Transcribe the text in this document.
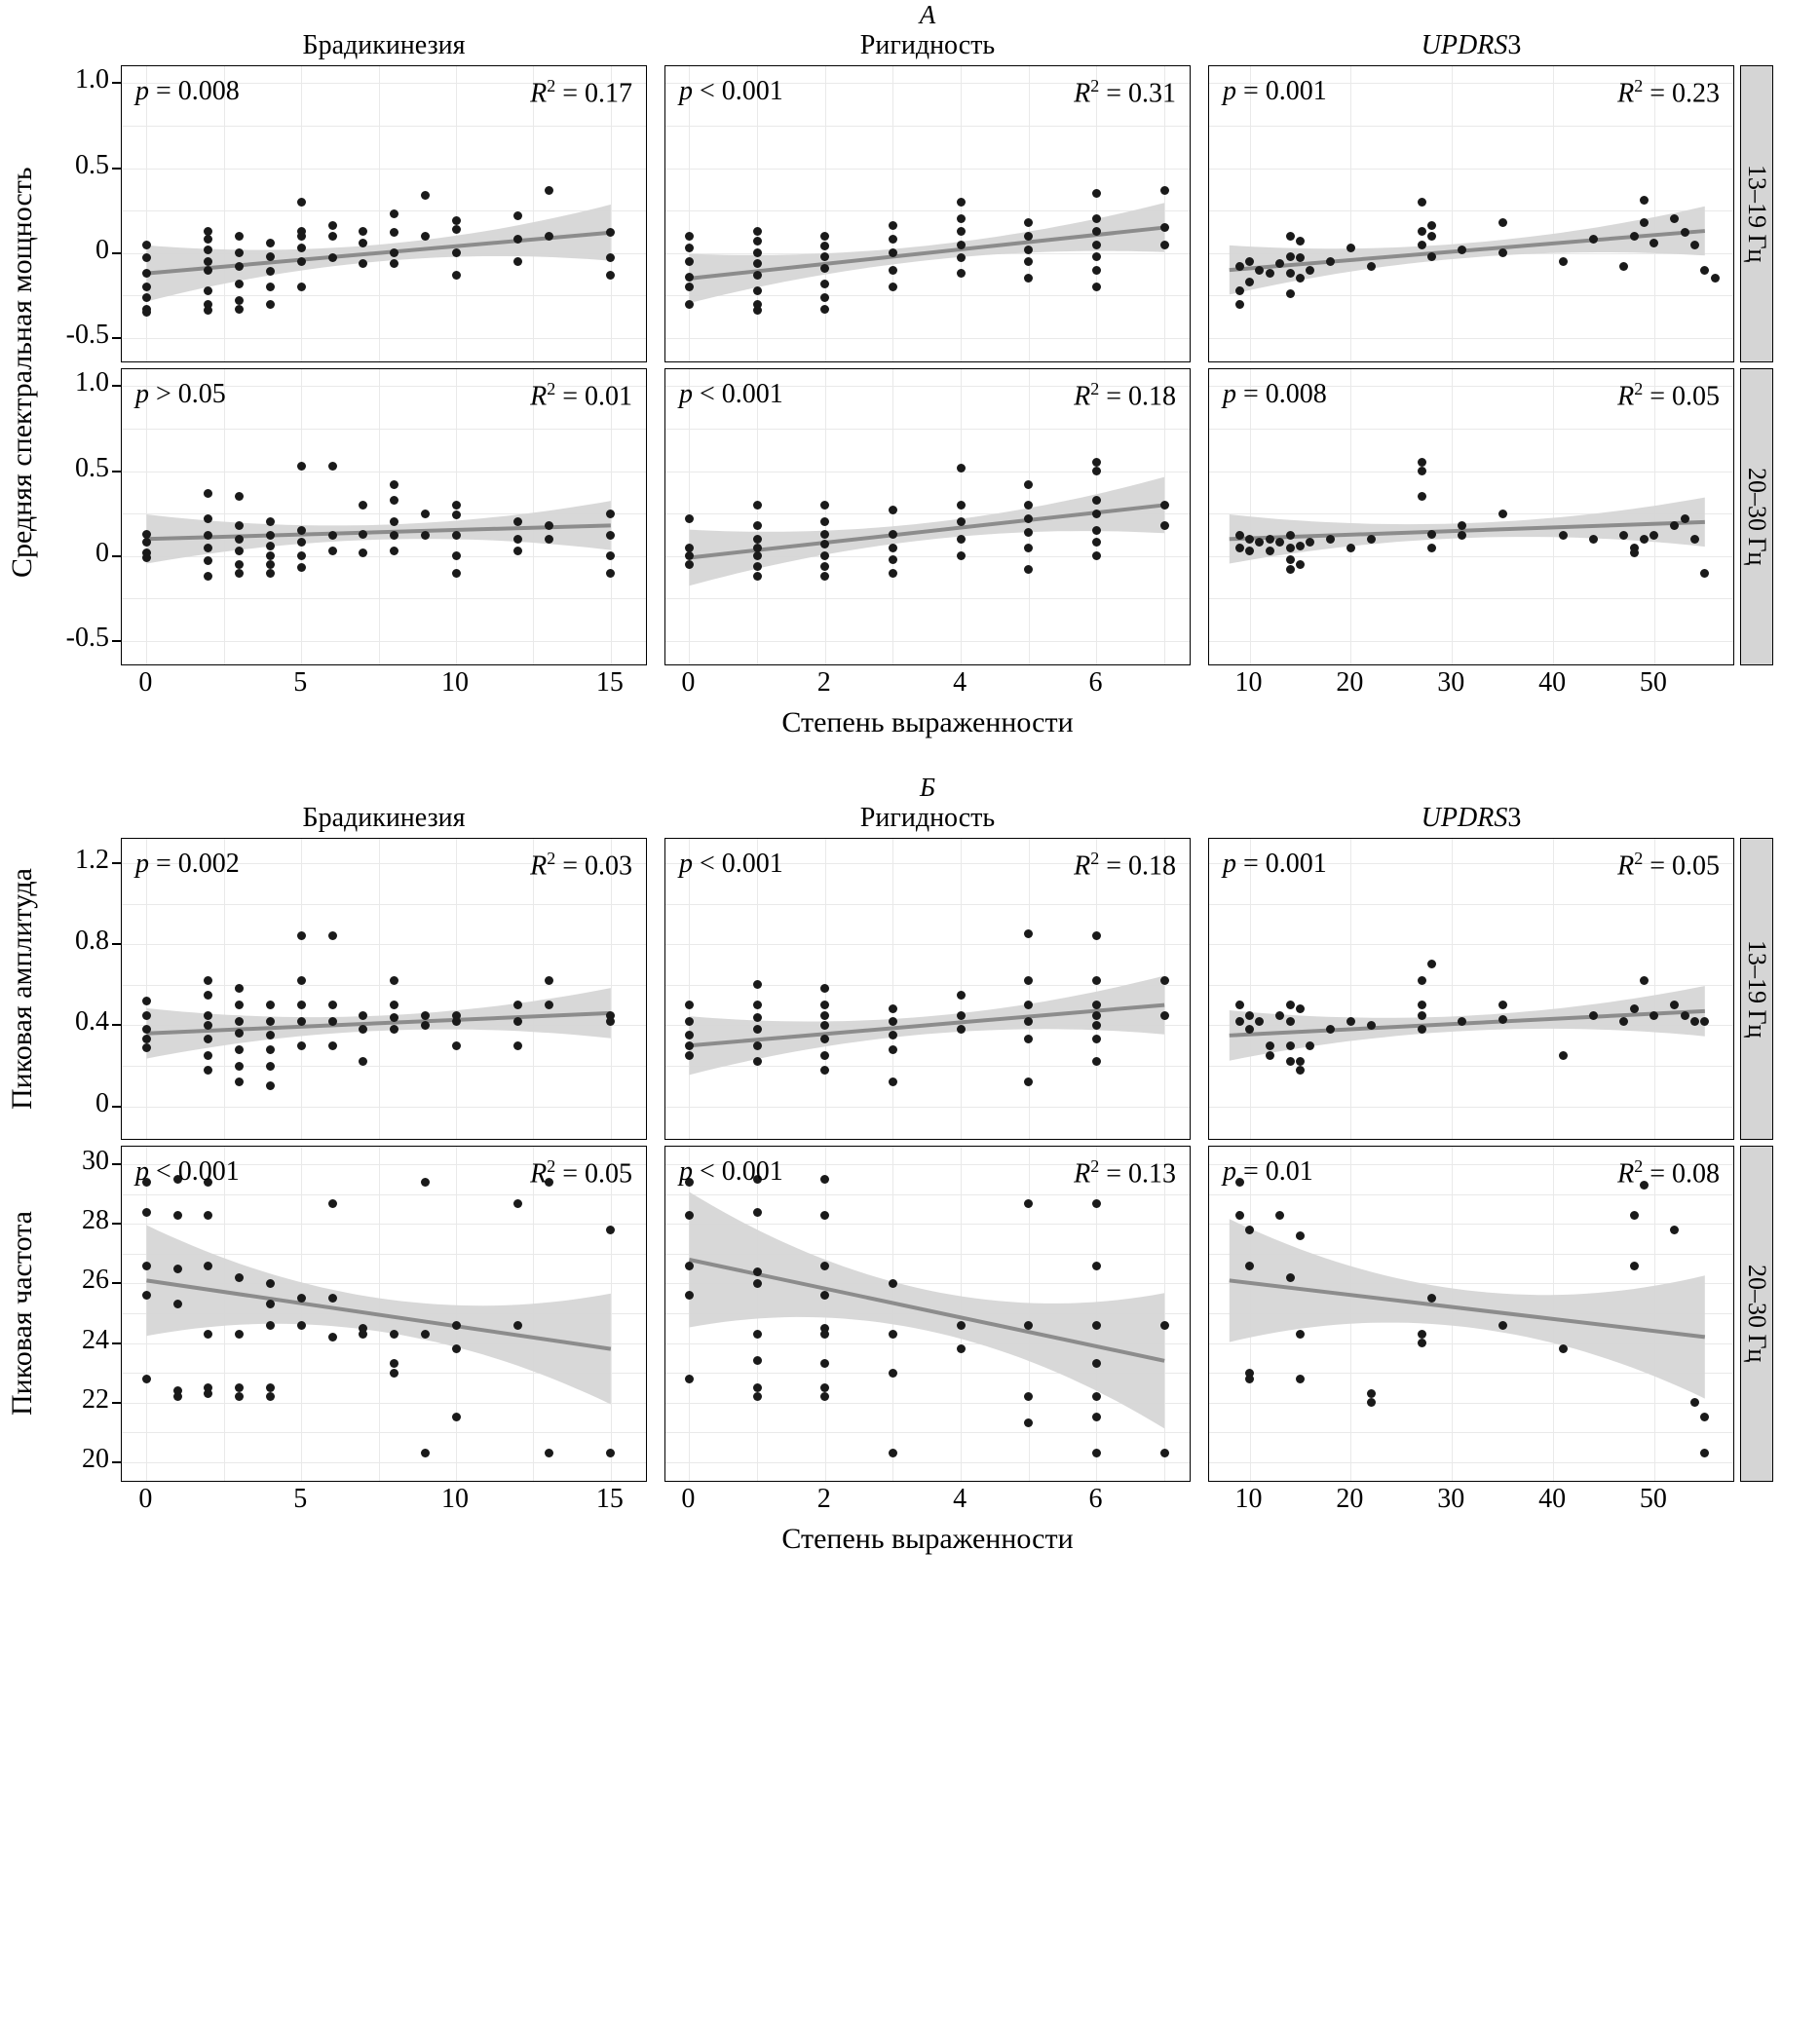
А
Брадикинезия	Ригидность	UPDRS3
1.0
0.5
0
-0.5
p = 0.008	$R^2 = 0.17$ p < 0.001	$R^2 = 0.31$ p = 0.001	$R^2 = 0.23$
13–19 Гц
1.0
0.5
0
-0.5
p > 0.05	$R^2 = 0.01$ p < 0.001	$R^2 = 0.18$ p = 0.008	$R^2 = 0.05$
20–30 Гц
0	5	10	15 0	2	4	6	10	20	30	40	50
Степень выраженности
Средняя спектральная мощность
Б
Брадикинезия	Ригидность	UPDRS3
Пиковая амплитуда
1.2
0.8
0.4
0
p = 0.002	$R^2 = 0.03$ p < 0.001	$R^2 = 0.18$ p = 0.001	$R^2 = 0.05$
13–19 Гц
Пиковая частота
30
28
26
24
22
20
p < 0.001	$R^2 = 0.05$ p < 0.001	$R^2 = 0.13$ p = 0.01	$R^2 = 0.08$
20–30 Гц
0	5	10	15 0	2	4	6	10	20	30	40	50
Степень выраженности
